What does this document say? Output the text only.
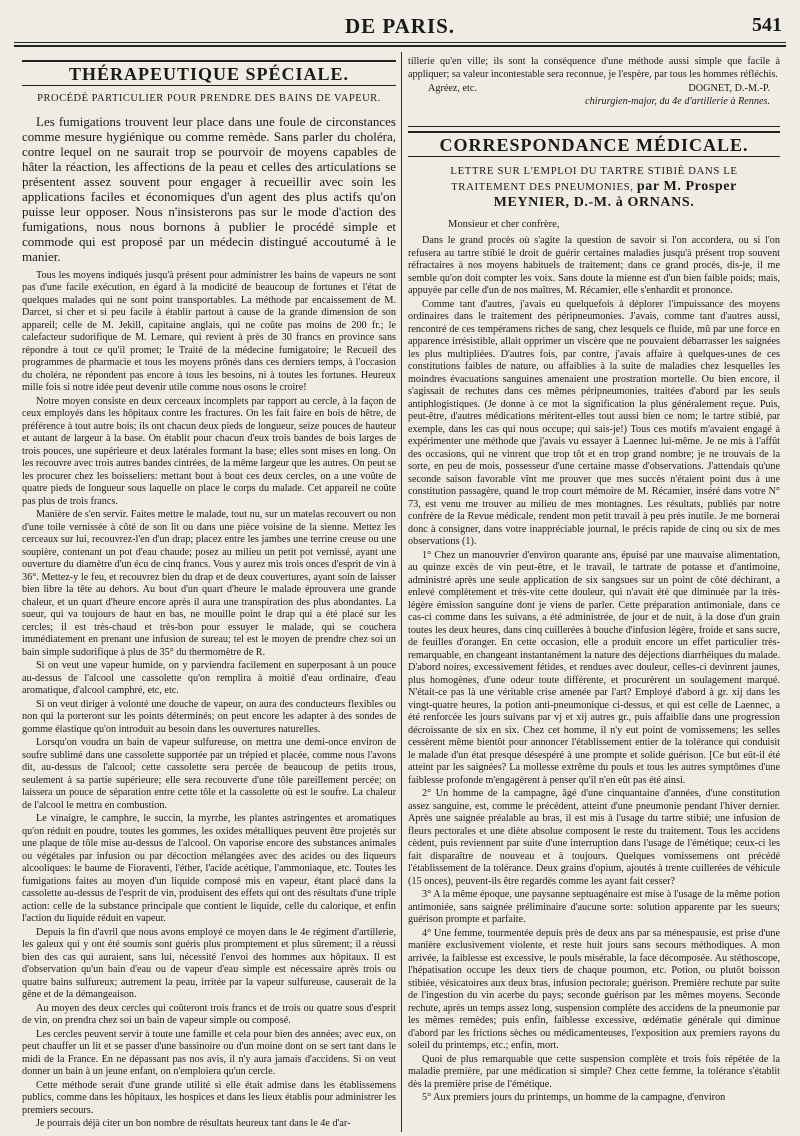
DE PARIS.	541
THÉRAPEUTIQUE SPÉCIALE.
PROCÉDÉ PARTICULIER POUR PRENDRE DES BAINS DE VAPEUR.

Les fumigations trouvent leur place dans une foule de circonstances comme mesure hygiénique ou comme remède. Sans parler du choléra, contre lequel on ne saurait trop se pourvoir de moyens capables de hâter la réaction, les affections de la peau et celles des articulations se présentent assez souvent pour engager à recueillir avec soin les applications faciles et économiques d'un agent des plus actifs qu'on puisse leur opposer. Nous n'insisterons pas sur le mode d'action des fumigations, nous nous bornons à publier le procédé simple et commode qui est proposé par un médecin distingué accoutumé à le manier.

Tous les moyens indiqués jusqu'à présent pour administrer les bains de vapeurs ne sont pas d'une facile exécution, en égard à la modicité de beaucoup de fortunes et l'état de quelques malades qui ne sont point transportables. La méthode par encaissement de M. Darcet, si cher et si peu facile à établir partout à cause de la grande dimension de son appareil; celle de M. Jekill, capitaine anglais, qui ne coûte pas moins de 200 fr.; le calefacteur sudorifique de M. Lemare, qui revient à près de 30 francs en province sans répondre à tout ce qu'il promet; le Traité de la médecine fumigatoire; le Recueil des programmes de pharmacie et tous les moyens prônés dans ces derniers temps, à l'occasion du choléra, ne répondent pas encore à tous les besoins, ni à toutes les fortunes. Heureux mille fois si notre idée peut devenir utile comme nous osons le croire!

Notre moyen consiste en deux cerceaux incomplets par rapport au cercle, à la façon de ceux employés dans les hôpitaux contre les fractures. On les fait faire en bois de hêtre, de préférence à tout autre bois; ils ont chacun deux pieds de longueur, seize pouces de hauteur et autant de largeur à la base. On établit pour chacun d'eux trois bandes de bois larges de trois pouces, une supérieure et deux latérales formant la base; elles sont mises en long. On les recouvre avec trois autres bandes cintrées, de la même largeur que les autres. On peut se les procurer chez les boisseliers: mettant bout à bout ces deux cercles, on a une voûte de quatre pieds de longueur sous laquelle on place le corps du malade. Cet appareil ne coûte pas plus de trois francs.

Manière de s'en servir. Faites mettre le malade, tout nu, sur un matelas recouvert ou non d'une toile vernissée à côté de son lit ou dans une pièce voisine de la sienne. Mettez les cerceaux sur lui, recouvrez-l'en d'un drap; placez entre les jambes une terrine creuse ou une soupière, contenant un pot d'eau chaude; posez au milieu un petit pot vernissé, ayant une ouverture du diamètre d'un écu de cinq francs. Vous y aurez mis trois onces d'esprit de vin à 36°. Mettez-y le feu, et recouvrez bien du drap et de deux couvertures, ayant soin de laisser bien libre la tête au dehors. Au bout d'un quart d'heure le malade éprouvera une grande chaleur, et un quart d'heure encore après il aura une transpiration des plus abondantes. La sueur, qui va toujours de haut en bas, ne mouille point le drap qui a été placé sur les cercles; il est très-chaud et très-bon pour essuyer le malade, qui se couchera immédiatement en prenant une infusion de sureau; tel est le moyen de prendre chez soi un bain simple sudorifique à plus de 35° du thermomètre de R.

Si on veut une vapeur humide, on y parviendra facilement en superposant à un pouce au-dessus de l'alcool une cassolette qu'on remplira à moitié d'eau ordinaire, d'eau aromatique, d'alcool camphré, etc, etc.

Si on veut diriger à volonté une douche de vapeur, on aura des conducteurs flexibles ou non qui la porteront sur les points déterminés; on peut encore les adapter à des sondes de gomme élastique qu'on introduit au besoin dans les ouvertures naturelles.

Lorsqu'on voudra un bain de vapeur sulfureuse, on mettra une demi-once environ de soufre sublimé dans une cassolette supportée par un trépied et placée, comme nous l'avons dit, au-dessus de l'alcool; cette cassolette sera percée de beaucoup de petits trous, seulement à sa partie supérieure; elle sera recouverte d'une tôle pareillement percée; on laissera un pouce de séparation entre cette tôle et la cassolette où est le soufre. La chaleur de l'alcool le mettra en combustion.

Le vinaigre, le camphre, le succin, la myrrhe, les plantes astringentes et aromatiques qu'on réduit en poudre, toutes les gommes, les oxides métalliques peuvent être projetés sur une plaque de tôle mise au-dessus de l'alcool. On vaporise encore des substances animales ou végétales par infusion ou par décoction mélangées avec des acides ou des liqueurs alcooliques: le baume de Fioraventi, l'éther, l'acide acétique, l'ammoniaque, etc. Toutes les fumigations faites au moyen d'un liquide composé mis en vapeur, étant placé dans la cassolette au-dessus de l'esprit de vin, produisent des effets qui ont des résultats d'une triple action: celle de la substance principale que contient le liquide, celle du calorique, et enfin l'action du liquide réduit en vapeur.

Depuis la fin d'avril que nous avons employé ce moyen dans le 4e régiment d'artillerie, les galeux qui y ont été soumis sont guéris plus promptement et plus sûrement; il a réussi bien des cas qui auraient, sans lui, nécessité l'envoi des hommes aux hôpitaux. Il est d'observation qu'un bain d'eau ou de vapeur d'eau simple est nécessaire après trois ou quatre bains sulfureux; autrement la peau, irritée par la vapeur sulfureuse, causerait de la gêne et de la démangeaison.

Au moyen des deux cercles qui coûteront trois francs et de trois ou quatre sous d'esprit de vin, on prendra chez soi un bain de vapeur simple ou composé.

Les cercles peuvent servir à toute une famille et cela pour bien des années; avec eux, on peut chauffer un lit et se passer d'une bassinoire ou d'un moine dont on se sert tant dans le midi de la France. En ne dépassant pas nos avis, il n'y aura jamais d'accidens. Si on veut donner un bain à un jeune enfant, on n'emploiera qu'un cercle.

Cette méthode serait d'une grande utilité si elle était admise dans les établissemens publics, comme dans les hôpitaux, les hospices et dans les lieux établis pour administrer les premiers secours.

Je pourrais déjà citer un bon nombre de résultats heureux tant dans le 4e d'ar-

tillerie qu'en ville; ils sont la conséquence d'une méthode aussi simple que facile à appliquer; sa valeur incontestable sera reconnue, je l'espère, par tous les hommes réfléchis.

Agréez, etc.	DOGNET, D.-M.-P.
chirurgien-major, du 4e d'artillerie à Rennes.
CORRESPONDANCE MÉDICALE.
LETTRE SUR L'EMPLOI DU TARTRE STIBIÉ DANS LE TRAITEMENT DES PNEUMONIES, par M. Prosper MEYNIER, D.-M. à ORNANS.
Monsieur et cher confrère,

Dans le grand procès où s'agite la question de savoir si l'on accordera, ou si l'on refusera au tartre stibié le droit de guérir certaines maladies jusqu'à présent trop souvent réfractaires à nos moyens habituels de traitement; dans ce grand procès, dis-je, il me semble qu'on doit compter les voix. Sans doute la mienne est d'un bien faible poids; mais, appuyée par celle d'un de nos maîtres, M. Récamier, elle s'enhardit et prononce.

Comme tant d'autres, j'avais eu quelquefois à déplorer l'impuissance des moyens ordinaires dans le traitement des péripneumonies. J'avais, comme tant d'autres aussi, rencontré de ces tempéramens riches de sang, chez lesquels ce fluide, mû par une force en apparence irrésistible, allait opprimer un viscère que ne pouvaient débarrasser les saignées les plus multipliées. D'autres fois, par contre, j'avais affaire à quelques-unes de ces constitutions faibles de nature, ou affaiblies à la suite de maladies chez lesquelles les moindres évacuations sanguines amenaient une prostration mortelle. Ou bien encore, il s'agissait de rechutes dans ces mêmes péripneumonies, traitées d'abord par les seuls antiphlogistiques. (Je donne à ce mot la signification la plus généralement reçue. Puis, peut-être, d'autres médications méritent-elles tout aussi bien ce nom; le tartre stibié, par exemple, dans les cas qui nous occupe; qui sais-je!) Tous ces motifs m'avaient engagé à expérimenter une méthode que j'avais vu essayer à Laennec lui-même. Je ne mis à l'affût des occasions, qui ne vinrent que trop tôt et en trop grand nombre; je ne trouvais de la sorte, en peu de mois, possesseur d'une certaine masse d'observations. J'attendais qu'une seconde saison favorable vînt me prouver que mes succès n'étaient point dus à une constitution passagère, quand le trop court mémoire de M. Récamier, inséré dans votre N° 73, est venu me trouver au milieu de mes montagnes. Les résultats, publiés par notre confrère de la Revue médicale, rendent mon petit travail à peu près inutile. Je me bornerai donc à consigner, dans votre inappréciable journal, le précis rapide de cinq ou six de mes observations (1).

1° Chez un manouvrier d'environ quarante ans, épuisé par une mauvaise alimentation, au quinze excès de vin peut-être, et le travail, le tartrate de potasse et d'antimoine, administré après une seule application de six sangsues sur un point de côté déchirant, a enlevé complètement et très-vite cette douleur, qui n'avait été que diminuée par la très-légère émission sanguine dont je viens de parler. Cette préparation antimoniale, dans ce cas-ci comme dans les suivans, a été administrée, de jour et de nuit, à la dose d'un grain toutes les deux heures, dans cinq cuillerées à bouche d'infusion légère, froide et sans sucre, de feuilles d'oranger. En cette occasion, elle a produit encore un effet particulier très-remarquable, en changeant instantanément la nature des déjections diarrhéiques du malade. D'abord noires, excessivement fétides, et rendues avec douleur, celles-ci devinrent jaunes, plus homogènes, d'une odeur toute différente, et procurèrent un soulagement marqué. N'était-ce pas là une véritable crise amenée par l'art? Employé d'abord à gr. xij dans les vingt-quatre heures, la potion anti-pneumonique ci-dessus, et qui est celle de Laennec, a été renforcée les jours suivans par vj et xij autres gr., puis affaiblie dans une progression décroissante de six en six. Chez cet homme, il n'y eut point de vomissemens; les selles cessèrent même bientôt pour annoncer l'établissement entier de la tolérance qui conduisit le malade d'un état presque désespéré à une prompte et solide guérison. [Ce but eût-il été atteint par les saignées? La mollesse extrême du pouls et tous les autres symptômes d'une faiblesse profonde m'engagèrent à penser qu'il n'en eût pas été ainsi.

2° Un homme de la campagne, âgé d'une cinquantaine d'années, d'une constitution assez sanguine, est, comme le précédent, atteint d'une pneumonie pendant l'hiver dernier. Après une saignée préalable au bras, il est mis à l'usage du tartre stibié; une infusion de fleurs pectorales et une diète absolue composent le reste du traitement. Tous les accidens cèdent, puis reviennent par suite d'une interruption dans l'usage de l'émétique; ceux-ci les fait disparaître de nouveau et à toujours. Quelques vomissemens ont précédé l'établissement de la tolérance. Deux grains d'opium, ajoutés à trente cuillerées de véhicule (15 onces), peuvent-ils être regardés comme les ayant fait cesser?

3° A la même époque, une paysanne septuagénaire est mise à l'usage de la même potion antimoniée, sans saignée préliminaire d'aucune sorte: solution apparente par les sueurs; guérison prompte et parfaite.

4° Une femme, tourmentée depuis près de deux ans par sa ménespausie, est prise d'une manière exclusivement violente, et reste huit jours sans secours méthodiques. A mon arrivée, la faiblesse est excessive, le pouls misérable, la face décomposée. Au stéthoscope, l'hépatisation occupe les deux tiers de chaque poumon, etc. Potion, ou plutôt boisson stibiée, vésicatoires aux deux bras, infusion pectorale; guérison. Première rechute par suite de l'ingestion du vin acerbe du pays; seconde guérison par les mêmes moyens. Seconde rechute, après un temps assez long, suspension complète des accidens de la pneumonie par les mêmes remèdes; puis enfin, faiblesse excessive, œdématie générale qui diminue d'abord par les frictions sèches ou médicamenteuses, l'exposition aux premiers rayons du soleil du printemps, etc.; enfin, mort.

Quoi de plus remarquable que cette suspension complète et trois fois répétée de la maladie première, par une médication si simple? Chez cette femme, la tolérance s'établit dès la première prise de l'émétique.

5° Aux premiers jours du printemps, un homme de la campagne, d'environ
